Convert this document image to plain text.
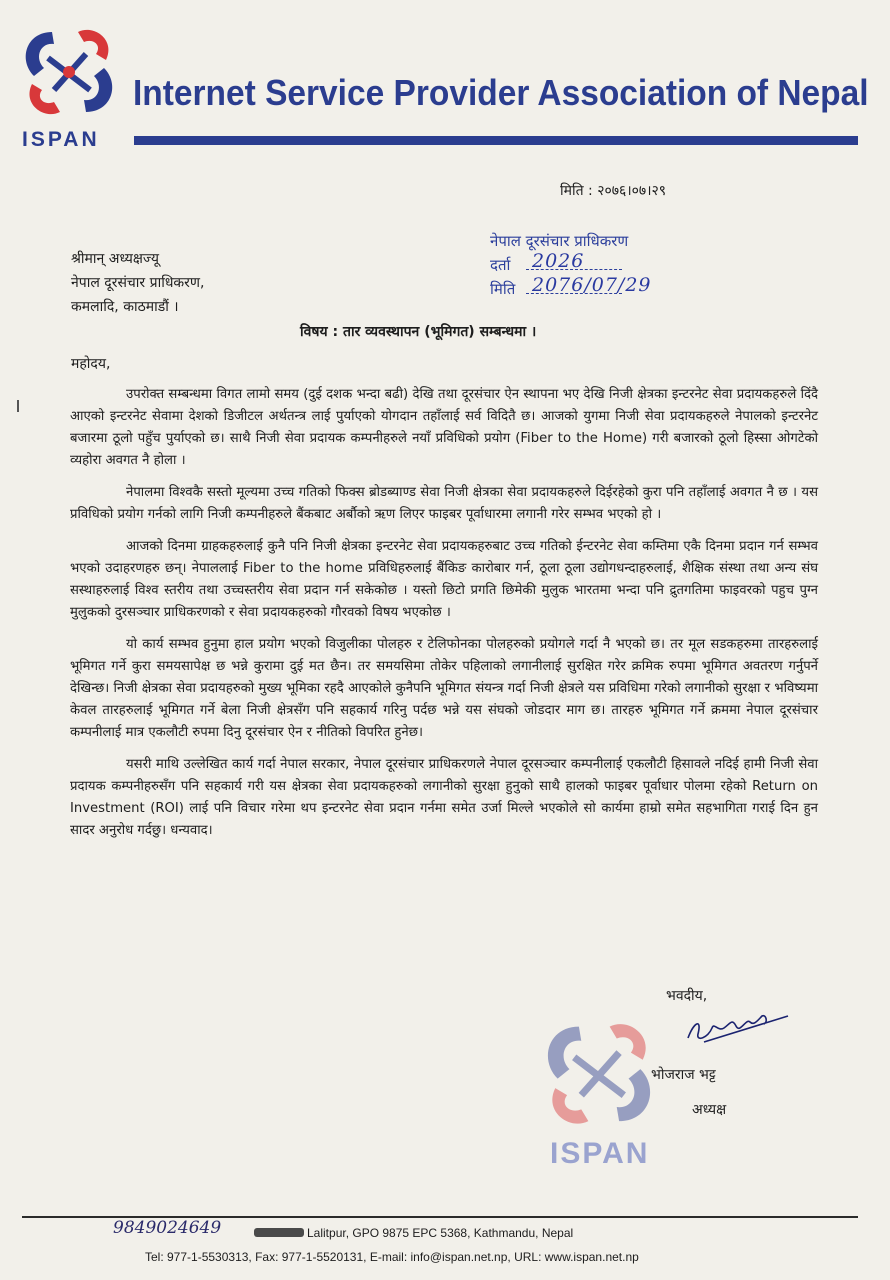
ISPAN
Internet Service Provider Association of Nepal
मिति : २०७६।०७।२९
नेपाल दूरसंचार प्राधिकरण
दर्ता 2026
मिति 2076/07/29
श्रीमान् अध्यक्षज्यू
नेपाल दूरसंचार प्राधिकरण,
कमलादि, काठमाडौं ।
विषय : तार व्यवस्थापन (भूमिगत) सम्बन्धमा ।
महोदय,

उपरोक्त सम्बन्धमा विगत लामो समय (दुई दशक भन्दा बढी) देखि तथा दूरसंचार ऐन स्थापना भए देखि निजी क्षेत्रका इन्टरनेट सेवा प्रदायकहरुले दिंदै आएको इन्टरनेट सेवामा देशको डिजीटल अर्थतन्त्र लाई पुर्याएको योगदान तहाँलाई सर्व विदितै छ। आजको युगमा निजी सेवा प्रदायकहरुले नेपालको इन्टरनेट बजारमा ठूलो पहुँच पुर्याएको छ। साथै निजी सेवा प्रदायक कम्पनीहरुले नयाँ प्रविधिको प्रयोग (Fiber to the Home) गरी बजारको ठूलो हिस्सा ओगटेको व्यहोरा अवगत नै होला ।

नेपालमा विश्वकै सस्तो मूल्यमा उच्च गतिको फिक्स ब्रोडब्याण्ड सेवा निजी क्षेत्रका सेवा प्रदायकहरुले दिईरहेको कुरा पनि तहाँलाई अवगत नै छ । यस प्रविधिको प्रयोग गर्नको लागि निजी कम्पनीहरुले बैंकबाट अर्बौको ऋण लिएर फाइबर पूर्वाधारमा लगानी गरेर सम्भव भएको हो ।

आजको दिनमा ग्राहकहरुलाई कुनै पनि निजी क्षेत्रका इन्टरनेट सेवा प्रदायकहरुबाट उच्च गतिको ईन्टरनेट सेवा कम्तिमा एकै दिनमा प्रदान गर्न सम्भव भएको उदाहरणहरु छन्। नेपाललाई Fiber to the home प्रविधिहरुलाई बैंकिङ कारोबार गर्न, ठूला ठूला उद्योगधन्दाहरुलाई, शैक्षिक संस्था तथा अन्य संघ सस्थाहरुलाई विश्व स्तरीय तथा उच्चस्तरीय सेवा प्रदान गर्न सकेकोछ । यस्तो छिटो प्रगति छिमेकी मुलुक भारतमा भन्दा पनि द्रुतगतिमा फाइवरको पहुच पुग्न मुलुकको दुरसञ्चार प्राधिकरणको र सेवा प्रदायकहरुको गौरवको विषय भएकोछ ।

यो कार्य सम्भव हुनुमा हाल प्रयोग भएको विजुलीका पोलहरु र टेलिफोनका पोलहरुको प्रयोगले गर्दा नै भएको छ। तर मूल सडकहरुमा तारहरुलाई भूमिगत गर्ने कुरा समयसापेक्ष छ भन्ने कुरामा दुई मत छैन। तर समयसिमा तोकेर पहिलाको लगानीलाई सुरक्षित गरेर क्रमिक रुपमा भूमिगत अवतरण गर्नुपर्ने देखिन्छ। निजी क्षेत्रका सेवा प्रदायहरुको मुख्य भूमिका रहदै आएकोले कुनैपनि भूमिगत संयन्त्र गर्दा निजी क्षेत्रले यस प्रविधिमा गरेको लगानीको सुरक्षा र भविष्यमा केवल तारहरुलाई भूमिगत गर्ने बेला निजी क्षेत्रसँग पनि सहकार्य गरिनु पर्दछ भन्ने यस संघको जोडदार माग छ। तारहरु भूमिगत गर्ने क्रममा नेपाल दूरसंचार कम्पनीलाई मात्र एकलौटी रुपमा दिनु दूरसंचार ऐन र नीतिको विपरित हुनेछ।

यसरी माथि उल्लेखित कार्य गर्दा नेपाल सरकार, नेपाल दूरसंचार प्राधिकरणले नेपाल दूरसञ्चार कम्पनीलाई एकलौटी हिसावले नदिई हामी निजी सेवा प्रदायक कम्पनीहरुसँग पनि सहकार्य गरी यस क्षेत्रका सेवा प्रदायकहरुको लगानीको सुरक्षा हुनुको साथै हालको फाइबर पूर्वाधार पोलमा रहेको Return on Investment (ROI) लाई पनि विचार गरेमा थप इन्टरनेट सेवा प्रदान गर्नमा समेत उर्जा मिल्ले भएकोले सो कार्यमा हाम्रो समेत सहभागिता गराई दिन हुन सादर अनुरोध गर्दछु। धन्यवाद।

ISPAN
भवदीय,
भोजराज भट्ट
अध्यक्ष
9849024649	Lalitpur, GPO 9875 EPC 5368, Kathmandu, Nepal
Tel: 977-1-5530313, Fax: 977-1-5520131, E-mail: info@ispan.net.np, URL: www.ispan.net.np
